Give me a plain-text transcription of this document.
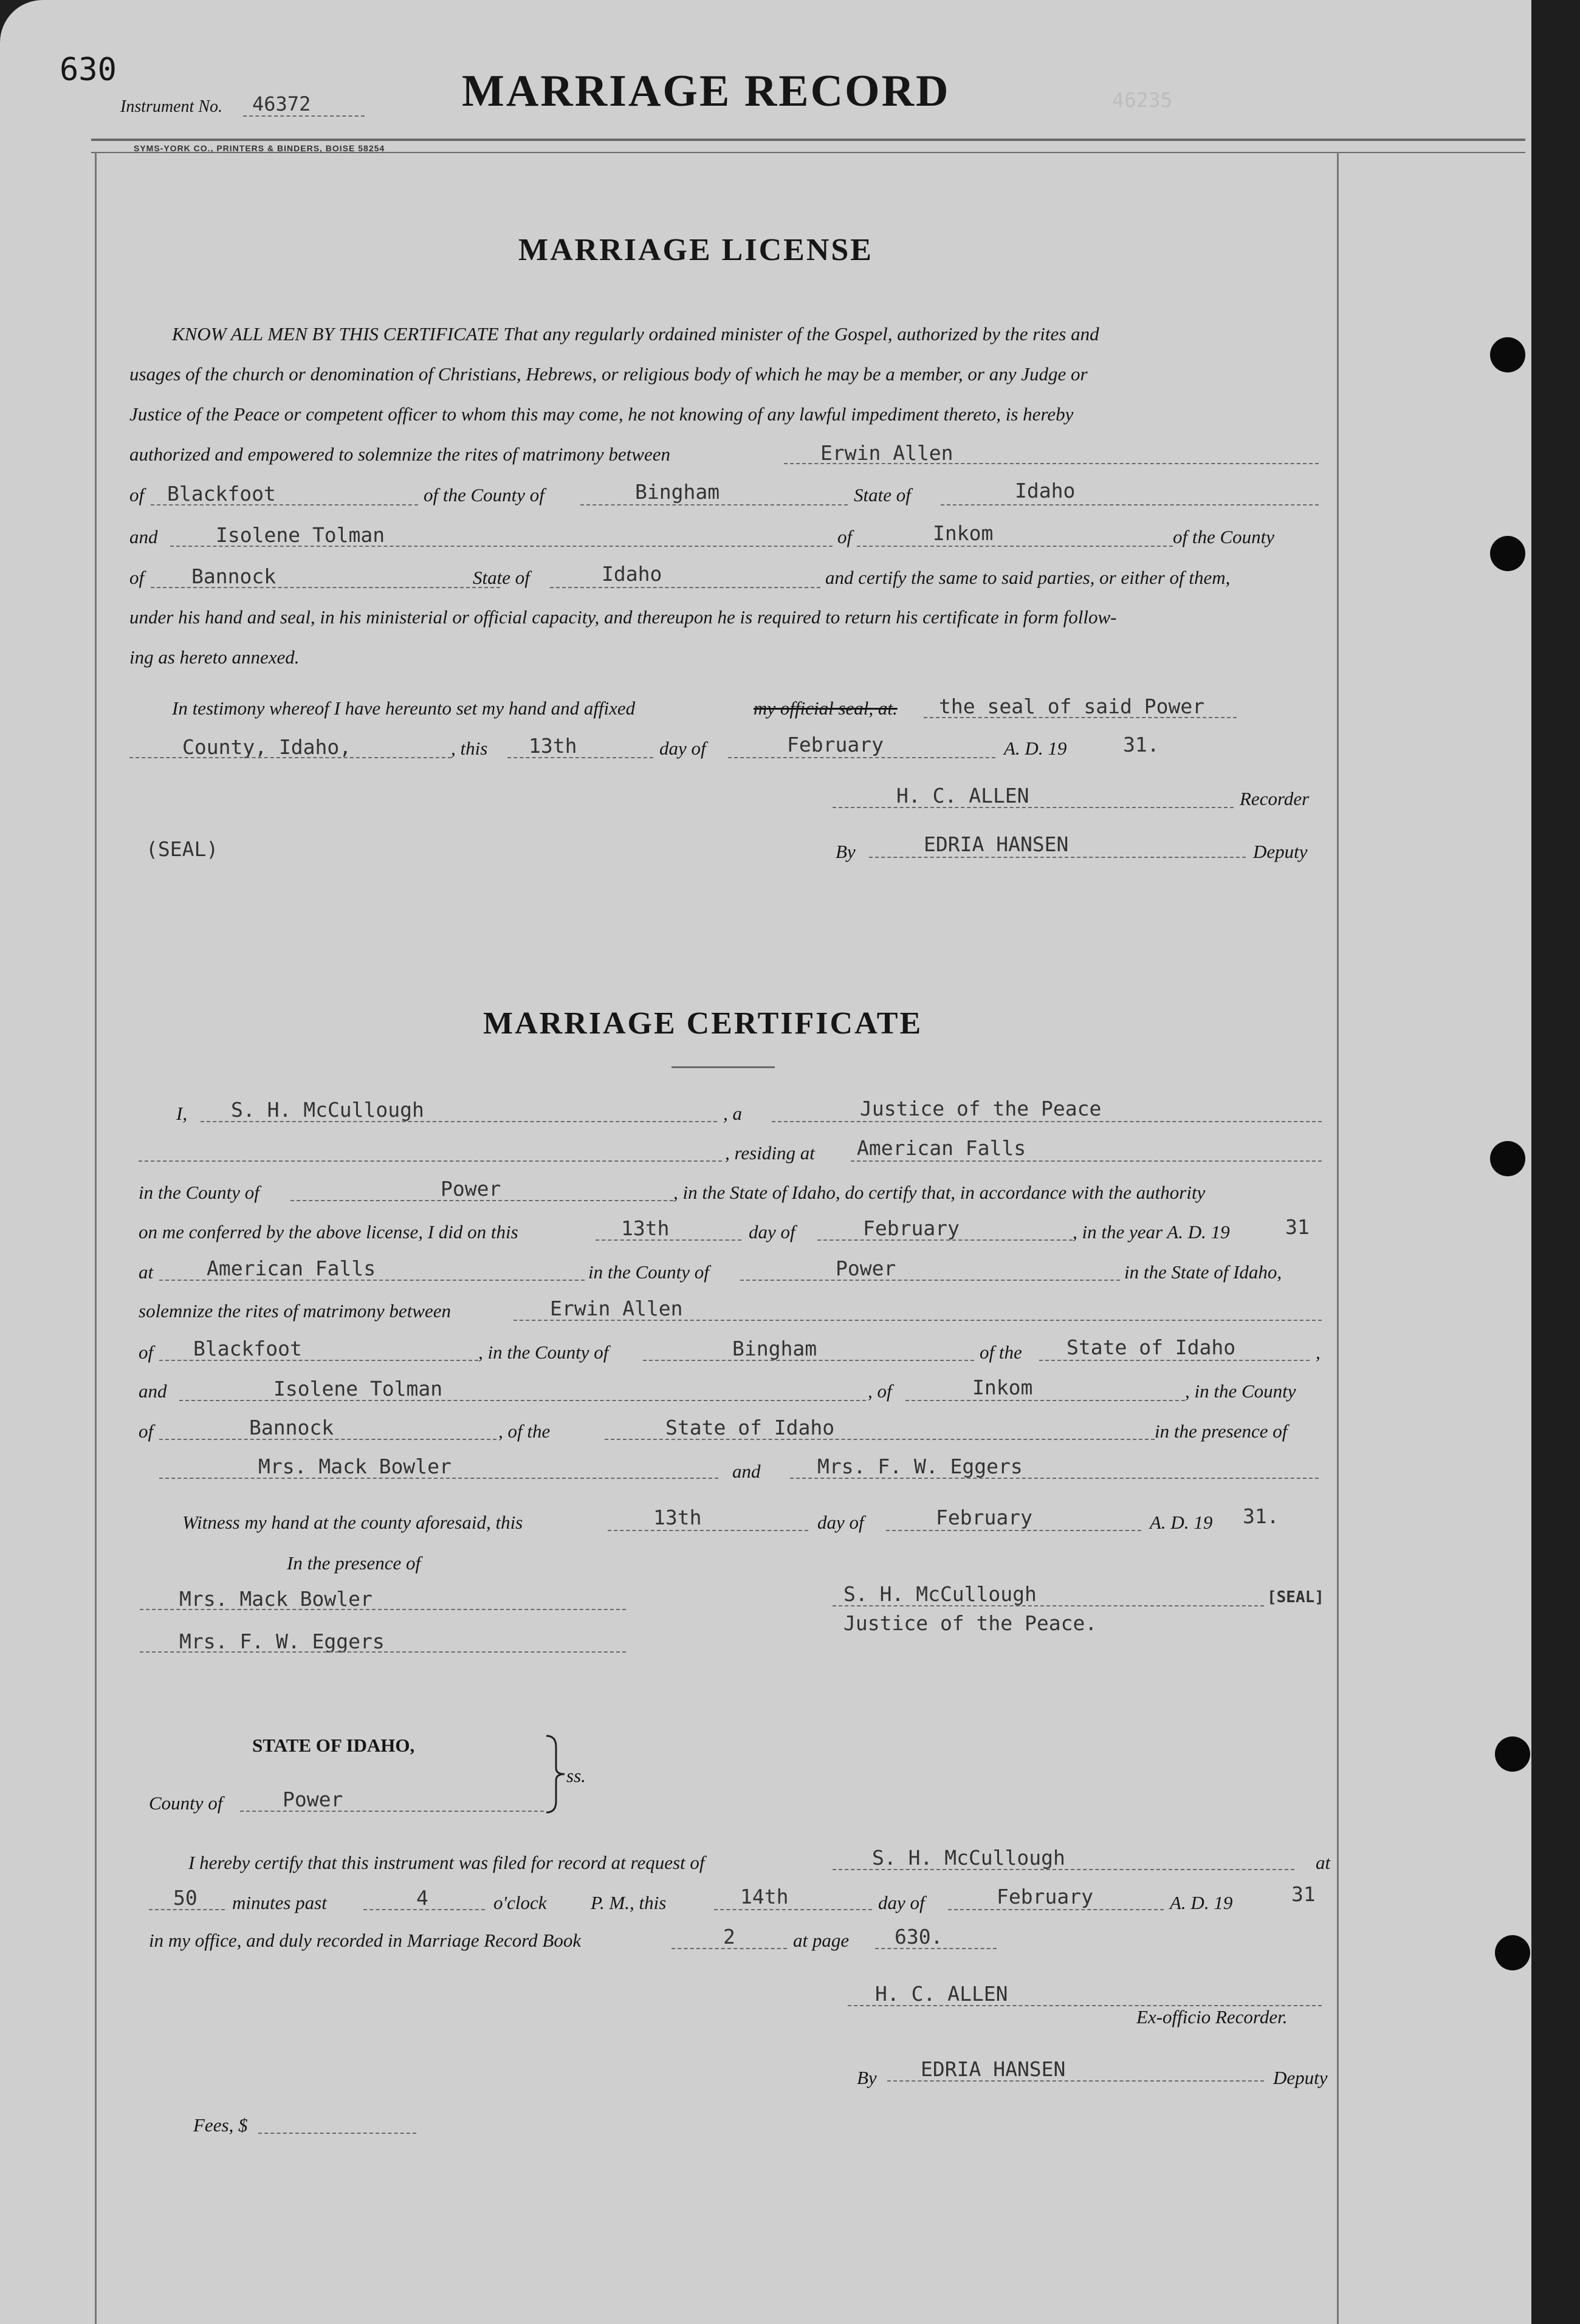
630
Instrument No. 46372	MARRIAGE RECORD
SYMS-YORK CO., PRINTERS & BINDERS, BOISE 58254
46235
MARRIAGE LICENSE
KNOW ALL MEN BY THIS CERTIFICATE That any regularly ordained minister of the Gospel, authorized by the rites and
usages of the church or denomination of Christians, Hebrews, or religious body of which he may be a member, or any Judge or
Justice of the Peace or competent officer to whom this may come, he not knowing of any lawful impediment thereto, is hereby
authorized and empowered to solemnize the rites of matrimony between	Erwin Allen
of Blackfoot	of the County of	Bingham	State of	Idaho
and	Isolene Tolman	of	Inkom	of the County
of Bannock	State of	Idaho	and certify the same to said parties, or either of them,
under his hand and seal, in his ministerial or official capacity, and thereupon he is required to return his certificate in form follow-
ing as hereto annexed.
In testimony whereof I have hereunto set my hand and affixed	my official seal, at. the seal of said Power
County, Idaho,	, this 13th	day of	February	A. D. 19	31.
H. C. ALLEN	Recorder
(SEAL)	By	EDRIA HANSEN	Deputy
MARRIAGE CERTIFICATE
I, S. H. McCullough	, a	Justice of the Peace
, residing at American Falls
in the County of	Power	, in the State of Idaho, do certify that, in accordance with the authority
on me conferred by the above license, I did on this	13th	day of	February	, in the year A. D. 19	31
at	American Falls	in the County of	Power	in the State of Idaho,
solemnize the rites of matrimony between	Erwin Allen
of Blackfoot	, in the County of	Bingham	of the State of Idaho	,
and	Isolene Tolman	, of	Inkom	, in the County
of	Bannock	, of the	State of Idaho	in the presence of
Mrs. Mack Bowler	and	Mrs. F. W. Eggers
Witness my hand at the county aforesaid, this	13th	day of	February	A. D. 19 31.
In the presence of
Mrs. Mack Bowler
Mrs. F. W. Eggers
S. H. McCullough	[SEAL]
Justice of the Peace.
STATE OF IDAHO,
County of	Power
ss.
I hereby certify that this instrument was filed for record at request of	S. H. McCullough	at
50 minutes past	4	o'clock P. M., this	14th	day of	February	A. D. 19	31
in my office, and duly recorded in Marriage Record Book	2	at page 630.
H. C. ALLEN
Ex-officio Recorder.
By EDRIA HANSEN	Deputy
Fees, $
